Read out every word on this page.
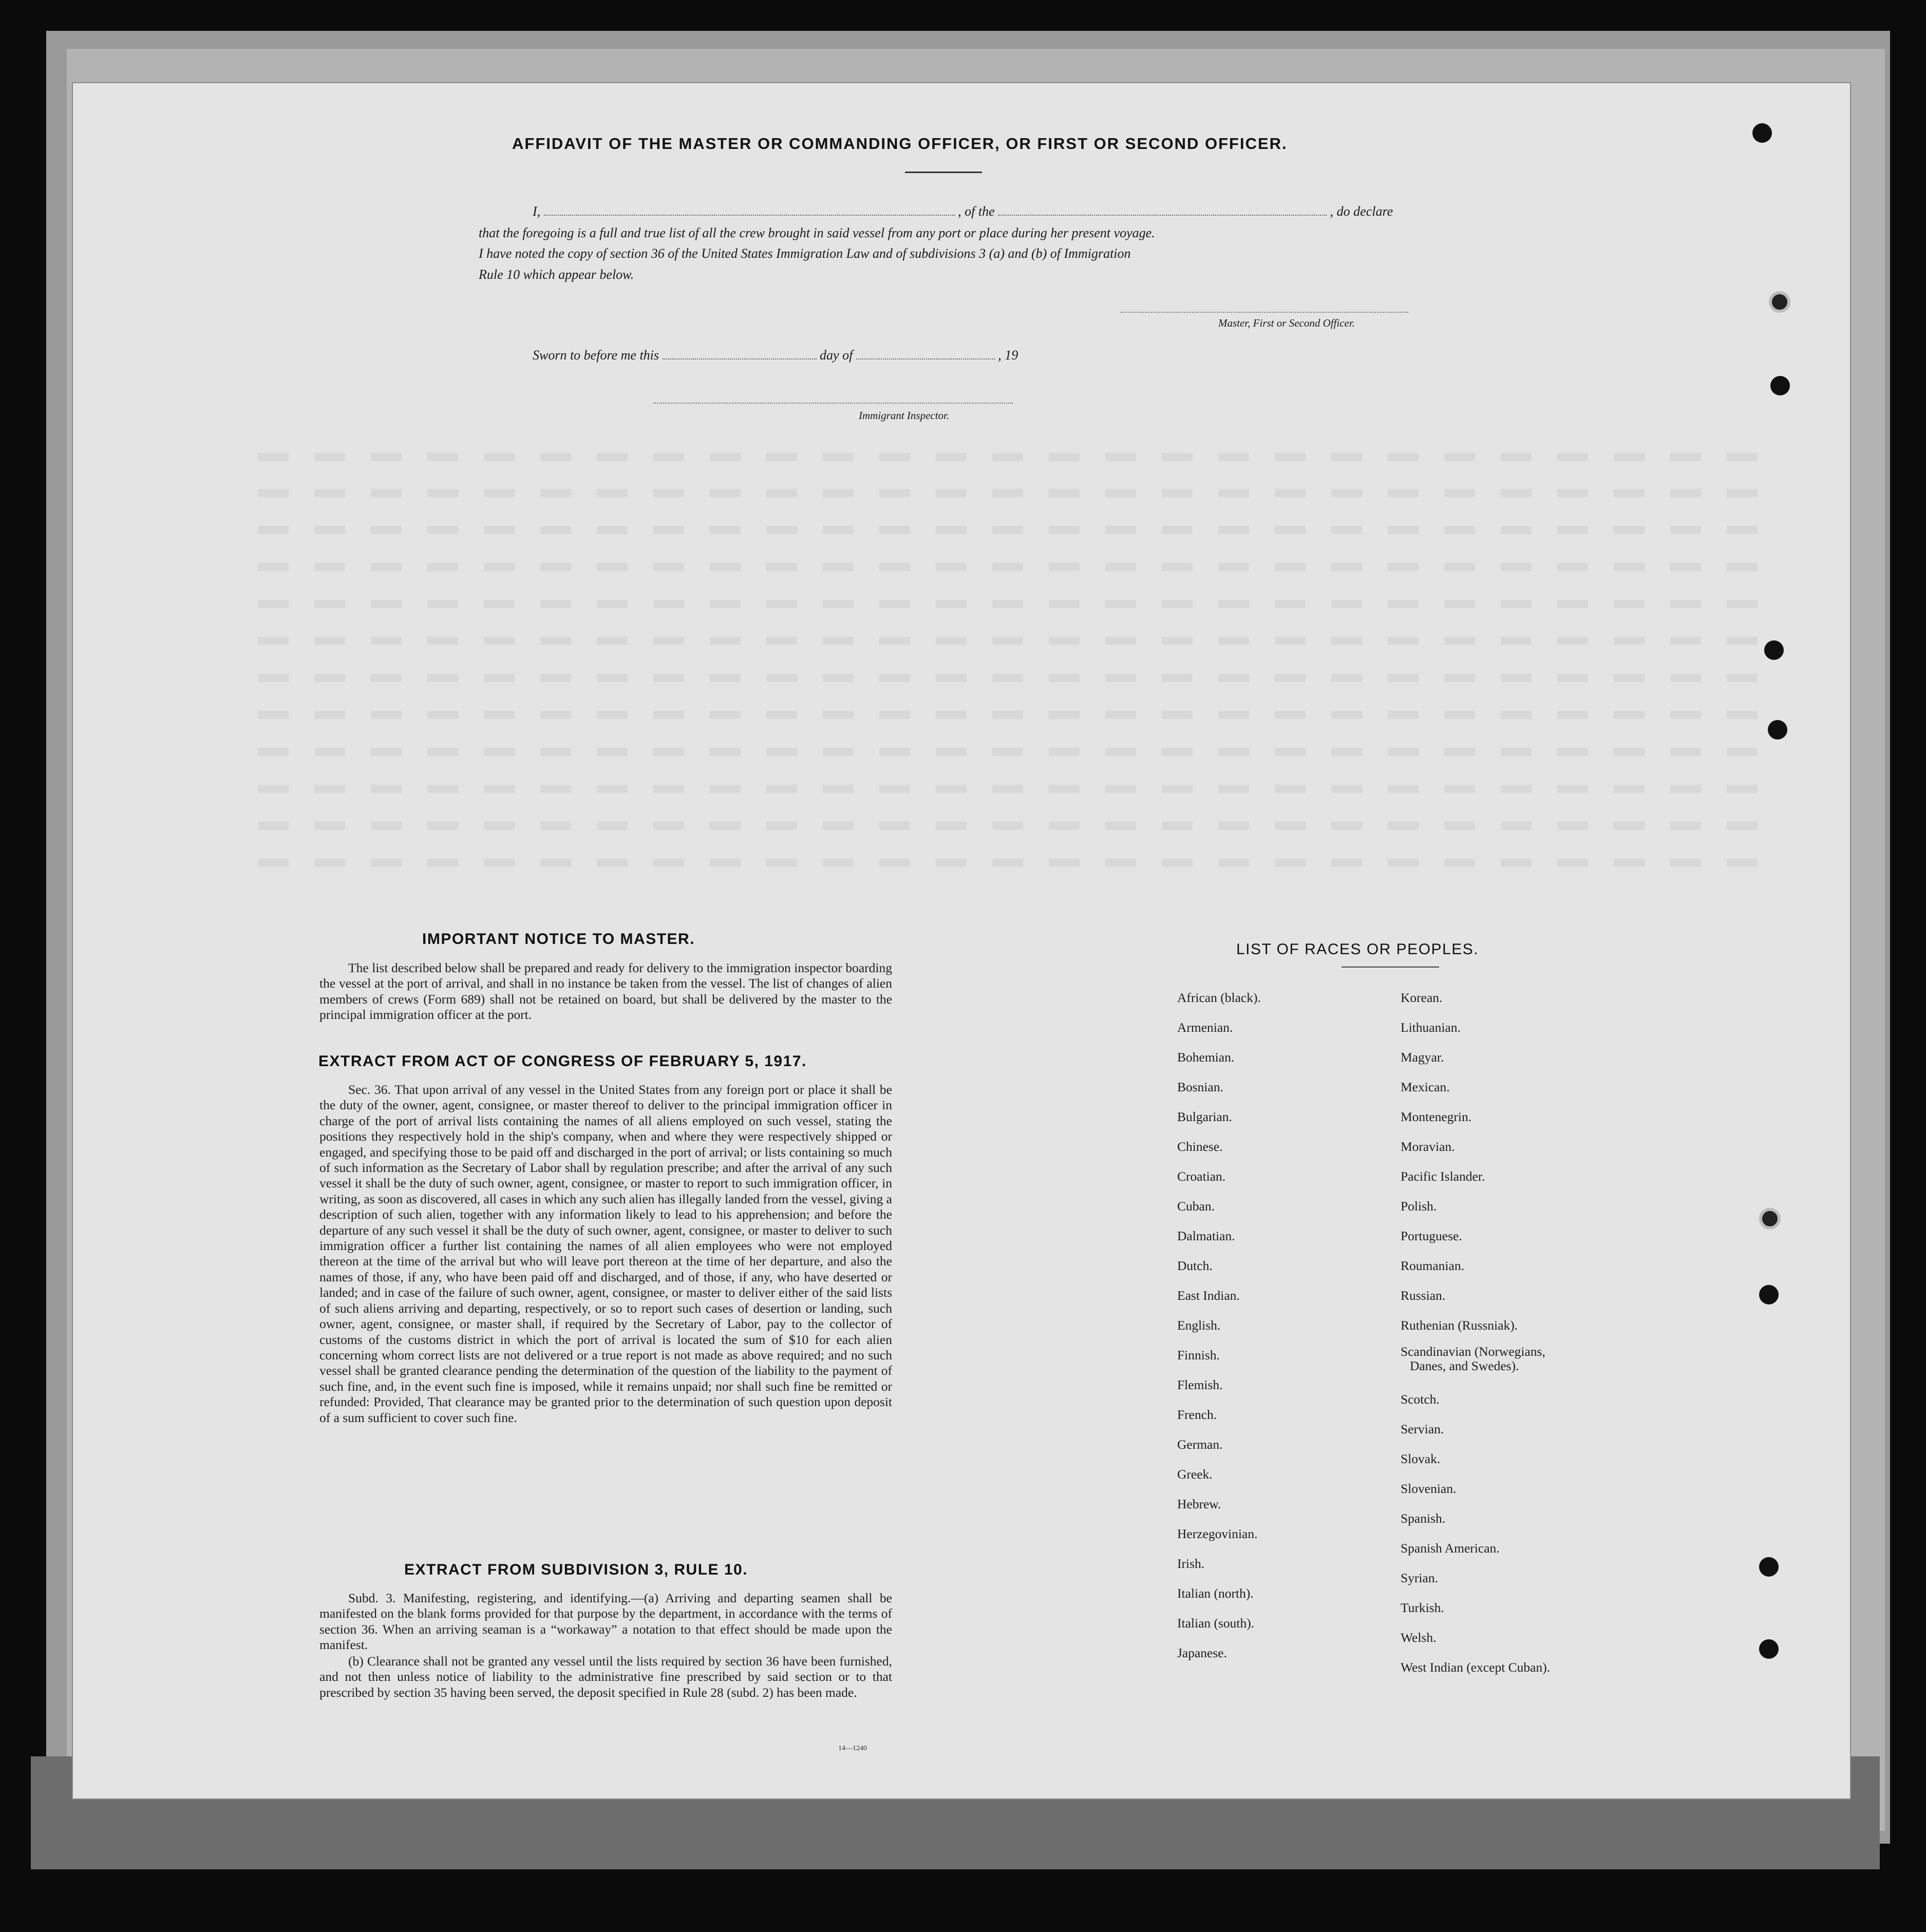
AFFIDAVIT OF THE MASTER OR COMMANDING OFFICER, OR FIRST OR SECOND OFFICER.
I,	, of the	, do declare
that the foregoing is a full and true list of all the crew brought in said vessel from any port or place during her present voyage.
I have noted the copy of section 36 of the United States Immigration Law and of subdivisions 3 (a) and (b) of Immigration
Rule 10 which appear below.
Master, First or Second Officer.
Sworn to before me this	day of	, 19
Immigrant Inspector.
IMPORTANT NOTICE TO MASTER.
The list described below shall be prepared and ready for delivery to the immigration inspector boarding the vessel at the port of arrival, and shall in no instance be taken from the vessel. The list of changes of alien members of crews (Form 689) shall not be retained on board, but shall be delivered by the master to the principal immigration officer at the port.
EXTRACT FROM ACT OF CONGRESS OF FEBRUARY 5, 1917.
Sec. 36. That upon arrival of any vessel in the United States from any foreign port or place it shall be the duty of the owner, agent, consignee, or master thereof to deliver to the principal immigration officer in charge of the port of arrival lists containing the names of all aliens employed on such vessel, stating the positions they respectively hold in the ship's company, when and where they were respectively shipped or engaged, and specifying those to be paid off and discharged in the port of arrival; or lists containing so much of such information as the Secretary of Labor shall by regulation prescribe; and after the arrival of any such vessel it shall be the duty of such owner, agent, consignee, or master to report to such immigration officer, in writing, as soon as discovered, all cases in which any such alien has illegally landed from the vessel, giving a description of such alien, together with any information likely to lead to his apprehension; and before the departure of any such vessel it shall be the duty of such owner, agent, consignee, or master to deliver to such immigration officer a further list containing the names of all alien employees who were not employed thereon at the time of the arrival but who will leave port thereon at the time of her departure, and also the names of those, if any, who have been paid off and discharged, and of those, if any, who have deserted or landed; and in case of the failure of such owner, agent, consignee, or master to deliver either of the said lists of such aliens arriving and departing, respectively, or so to report such cases of desertion or landing, such owner, agent, consignee, or master shall, if required by the Secretary of Labor, pay to the collector of customs of the customs district in which the port of arrival is located the sum of $10 for each alien concerning whom correct lists are not delivered or a true report is not made as above required; and no such vessel shall be granted clearance pending the determination of the question of the liability to the payment of such fine, and, in the event such fine is imposed, while it remains unpaid; nor shall such fine be remitted or refunded: Provided, That clearance may be granted prior to the determination of such question upon deposit of a sum sufficient to cover such fine.
EXTRACT FROM SUBDIVISION 3, RULE 10.
Subd. 3. Manifesting, registering, and identifying.—(a) Arriving and departing seamen shall be manifested on the blank forms provided for that purpose by the department, in accordance with the terms of section 36. When an arriving seaman is a “workaway” a notation to that effect should be made upon the manifest.
(b) Clearance shall not be granted any vessel until the lists required by section 36 have been furnished, and not then unless notice of liability to the administrative fine prescribed by said section or to that prescribed by section 35 having been served, the deposit specified in Rule 28 (subd. 2) has been made.
14—1240
LIST OF RACES OR PEOPLES.
African (black).
Armenian.
Bohemian.
Bosnian.
Bulgarian.
Chinese.
Croatian.
Cuban.
Dalmatian.
Dutch.
East Indian.
English.
Finnish.
Flemish.
French.
German.
Greek.
Hebrew.
Herzegovinian.
Irish.
Italian (north).
Italian (south).
Japanese.
Korean.
Lithuanian.
Magyar.
Mexican.
Montenegrin.
Moravian.
Pacific Islander.
Polish.
Portuguese.
Roumanian.
Russian.
Ruthenian (Russniak).
Scandinavian (Norwegians,
Danes, and Swedes).
Scotch.
Servian.
Slovak.
Slovenian.
Spanish.
Spanish American.
Syrian.
Turkish.
Welsh.
West Indian (except Cuban).
